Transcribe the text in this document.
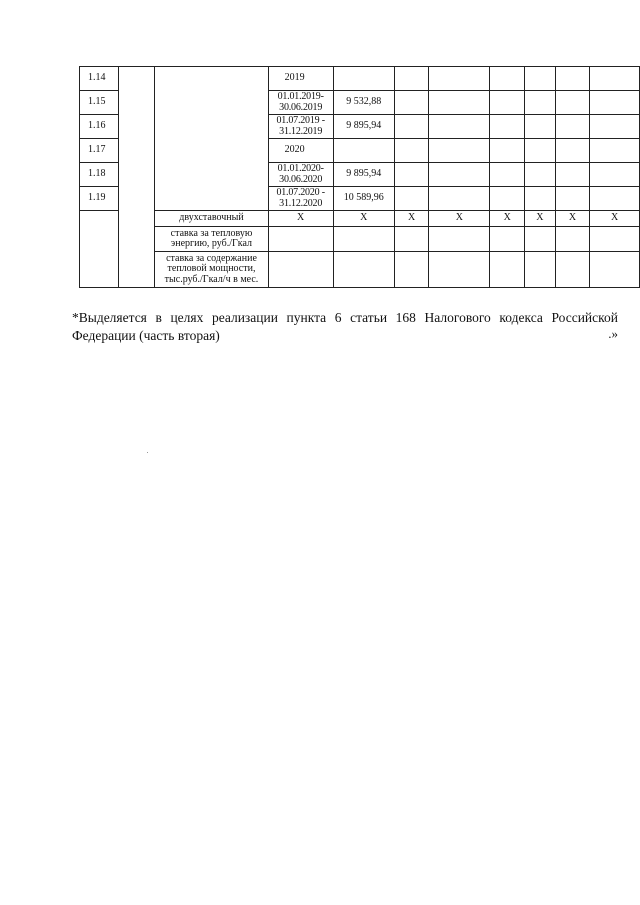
1.14			2019							
1.15			01.01.2019-30.06.2019	9 532,88						
1.16			01.07.2019 - 31.12.2019	9 895,94						
1.17			2020							
1.18			01.01.2020-30.06.2020	9 895,94						
1.19			01.07.2020 - 31.12.2020	10 589,96						
		двухставочный	X	X	X	X	X	X	X	X
		ставка за тепловую энергию, руб./Гкал								
		ставка за содержание тепловой мощности, тыс.руб./Гкал/ч в мес.								
*Выделяется в целях реализации пункта 6 статьи 168 Налогового кодекса Российской Федерации (часть вторая)	.»
